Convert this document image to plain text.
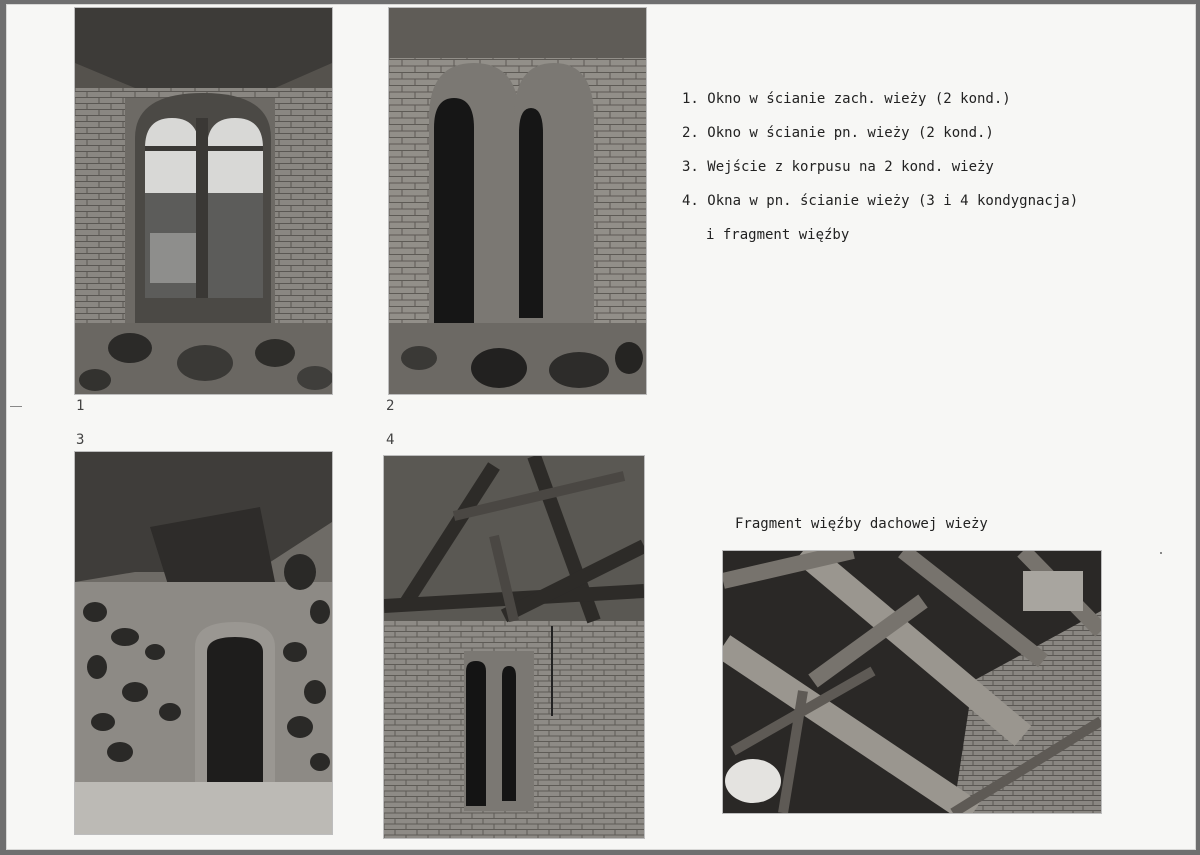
1	2
3	4
1. Okno w ścianie zach. wieży (2 kond.)
2. Okno w ścianie pn. wieży (2 kond.)
3. Wejście z korpusu na 2 kond. wieży
4. Okna w pn. ścianie wieży (3 i 4 kondygnacja)
i fragment więźby
Fragment więźby dachowej wieży
